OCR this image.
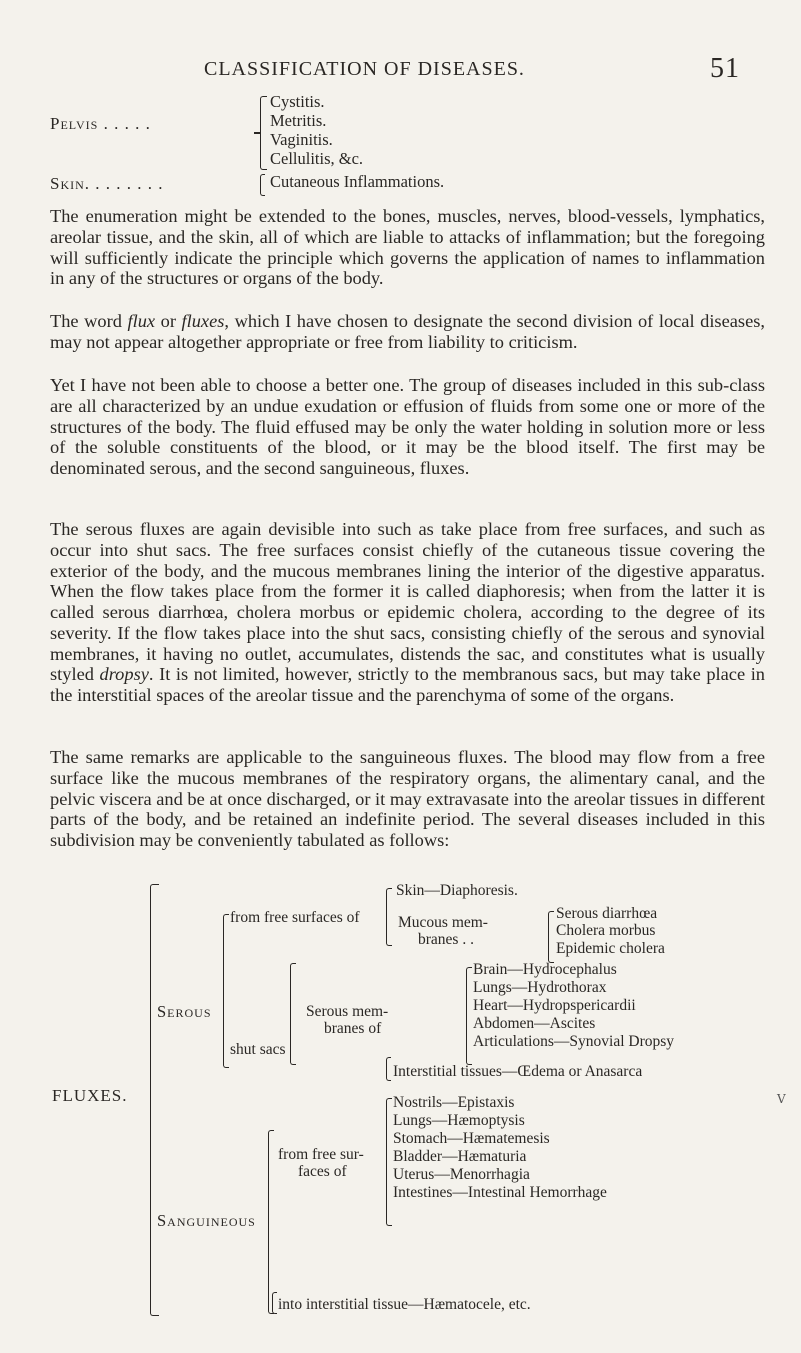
CLASSIFICATION OF DISEASES.	51
Pelvis . . . . .
Cystitis.
Metritis.
Vaginitis.
Cellulitis, &c.
Skin. . . . . . . .	Cutaneous Inflammations.

The enumeration might be extended to the bones, muscles, nerves, blood-vessels, lymphatics, areolar tissue, and the skin, all of which are liable to attacks of inflammation; but the foregoing will sufficiently indicate the principle which governs the application of names to inflammation in any of the structures or organs of the body.

The word flux or fluxes, which I have chosen to designate the second division of local diseases, may not appear altogether appropriate or free from liability to criticism.

Yet I have not been able to choose a better one. The group of diseases included in this sub-class are all characterized by an undue exudation or effusion of fluids from some one or more of the structures of the body. The fluid effused may be only the water holding in solution more or less of the soluble constituents of the blood, or it may be the blood itself. The first may be denominated serous, and the second sanguineous, fluxes.

The serous fluxes are again devisible into such as take place from free surfaces, and such as occur into shut sacs. The free surfaces consist chiefly of the cutaneous tissue covering the exterior of the body, and the mucous membranes lining the interior of the digestive apparatus. When the flow takes place from the former it is called diaphoresis; when from the latter it is called serous diarrhœa, cholera morbus or epidemic cholera, according to the degree of its severity. If the flow takes place into the shut sacs, consisting chiefly of the serous and synovial membranes, it having no outlet, accumulates, distends the sac, and constitutes what is usually styled dropsy. It is not limited, however, strictly to the membranous sacs, but may take place in the interstitial spaces of the areolar tissue and the parenchyma of some of the organs.

The same remarks are applicable to the sanguineous fluxes. The blood may flow from a free surface like the mucous membranes of the respiratory organs, the alimentary canal, and the pelvic viscera and be at once discharged, or it may extravasate into the areolar tissues in different parts of the body, and be retained an indefinite period. The several diseases included in this subdivision may be conveniently tabulated as follows:

FLUXES.
Serous
from free surfaces of
Skin—Diaphoresis.
Mucous mem-
branes . .
Serous diarrhœa
Cholera morbus
Epidemic cholera
shut sacs
Serous mem-
branes of
Brain—Hydrocephalus
Lungs—Hydrothorax
Heart—Hydropspericardii
Abdomen—Ascites
Articulations—Synovial Dropsy
Interstitial tissues—Œdema or Anasarca
Sanguineous
from free sur-
faces of
Nostrils—Epistaxis
Lungs—Hæmoptysis
Stomach—Hæmatemesis
Bladder—Hæmaturia
Uterus—Menorrhagia
Intestines—Intestinal Hemorrhage
into interstitial tissue—Hæmatocele, etc.
V
